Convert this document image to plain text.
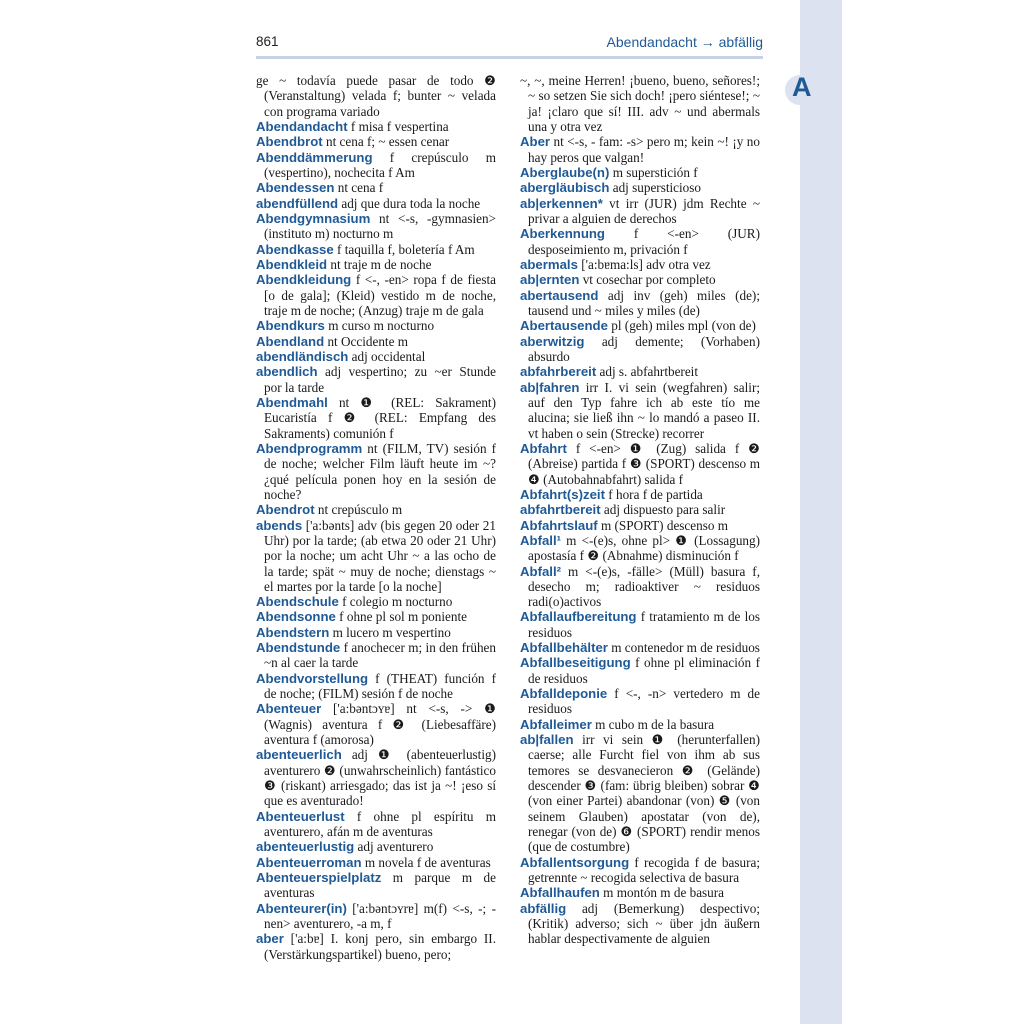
A
861	Abendandacht → abfällig

ge ~ todavía puede pasar de todo ❷ (Veranstaltung) velada f; bunter ~ velada con programa variado

Abendandacht f misa f vespertina

Abendbrot nt cena f; ~ essen cenar

Abenddämmerung f crepúsculo m (vespertino), nochecita f Am

Abendessen nt cena f

abendfüllend adj que dura toda la noche

Abendgymnasium nt <-s, -gymnasien> (instituto m) nocturno m

Abendkasse f taquilla f, boletería f Am

Abendkleid nt traje m de noche

Abendkleidung f <-, -en> ropa f de fiesta [o de gala]; (Kleid) vestido m de noche, traje m de noche; (Anzug) traje m de gala

Abendkurs m curso m nocturno

Abendland nt Occidente m

abendländisch adj occidental

abendlich adj vespertino; zu ~er Stunde por la tarde

Abendmahl nt ❶ (REL: Sakrament) Eucaristía f ❷ (REL: Empfang des Sakraments) comunión f

Abendprogramm nt (FILM, TV) sesión f de noche; welcher Film läuft heute im ~? ¿qué película ponen hoy en la sesión de noche?

Abendrot nt crepúsculo m

abends ['a:bənts] adv (bis gegen 20 oder 21 Uhr) por la tarde; (ab etwa 20 oder 21 Uhr) por la noche; um acht Uhr ~ a las ocho de la tarde; spät ~ muy de noche; dienstags ~ el martes por la tarde [o la noche]

Abendschule f colegio m nocturno

Abendsonne f ohne pl sol m poniente

Abendstern m lucero m vespertino

Abendstunde f anochecer m; in den frühen ~n al caer la tarde

Abendvorstellung f (THEAT) función f de noche; (FILM) sesión f de noche

Abenteuer ['a:bəntɔʏɐ] nt <-s, -> ❶ (Wagnis) aventura f ❷ (Liebesaffäre) aventura f (amorosa)

abenteuerlich adj ❶ (abenteuerlustig) aventurero ❷ (unwahrscheinlich) fantástico ❸ (riskant) arriesgado; das ist ja ~! ¡eso sí que es aventurado!

Abenteuerlust f ohne pl espíritu m aventurero, afán m de aventuras

abenteuerlustig adj aventurero

Abenteuerroman m novela f de aventuras

Abenteuerspielplatz m parque m de aventuras

Abenteurer(in) ['a:bəntɔʏrɐ] m(f) <-s, -; -nen> aventurero, -a m, f

aber ['a:bɐ] I. konj pero, sin embargo II. (Verstärkungspartikel) bueno, pero;

~, ~, meine Herren! ¡bueno, bueno, señores!; ~ so setzen Sie sich doch! ¡pero siéntese!; ~ ja! ¡claro que sí! III. adv ~ und abermals una y otra vez

Aber nt <-s, - fam: -s> pero m; kein ~! ¡y no hay peros que valgan!

Aberglaube(n) m superstición f

abergläubisch adj supersticioso

ab|erkennen* vt irr (JUR) jdm Rechte ~ privar a alguien de derechos

Aberkennung f <-en> (JUR) desposeimiento m, privación f

abermals ['a:bɐma:ls] adv otra vez

ab|ernten vt cosechar por completo

abertausend adj inv (geh) miles (de); tausend und ~ miles y miles (de)

Abertausende pl (geh) miles mpl (von de)

aberwitzig adj demente; (Vorhaben) absurdo

abfahrbereit adj s. abfahrtbereit

ab|fahren irr I. vi sein (wegfahren) salir; auf den Typ fahre ich ab este tío me alucina; sie ließ ihn ~ lo mandó a paseo II. vt haben o sein (Strecke) recorrer

Abfahrt f <-en> ❶ (Zug) salida f ❷ (Abreise) partida f ❸ (SPORT) descenso m ❹ (Autobahnabfahrt) salida f

Abfahrt(s)zeit f hora f de partida

abfahrtbereit adj dispuesto para salir

Abfahrtslauf m (SPORT) descenso m

Abfall¹ m <-(e)s, ohne pl> ❶ (Lossagung) apostasía f ❷ (Abnahme) disminución f

Abfall² m <-(e)s, -fälle> (Müll) basura f, desecho m; radioaktiver ~ residuos radi(o)activos

Abfallaufbereitung f tratamiento m de los residuos

Abfallbehälter m contenedor m de residuos

Abfallbeseitigung f ohne pl eliminación f de residuos

Abfalldeponie f <-, -n> vertedero m de residuos

Abfalleimer m cubo m de la basura

ab|fallen irr vi sein ❶ (herunterfallen) caerse; alle Furcht fiel von ihm ab sus temores se desvanecieron ❷ (Gelände) descender ❸ (fam: übrig bleiben) sobrar ❹ (von einer Partei) abandonar (von) ❺ (von seinem Glauben) apostatar (von de), renegar (von de) ❻ (SPORT) rendir menos (que de costumbre)

Abfallentsorgung f recogida f de basura; getrennte ~ recogida selectiva de basura

Abfallhaufen m montón m de basura

abfällig adj (Bemerkung) despectivo; (Kritik) adverso; sich ~ über jdn äußern hablar despectivamente de alguien
